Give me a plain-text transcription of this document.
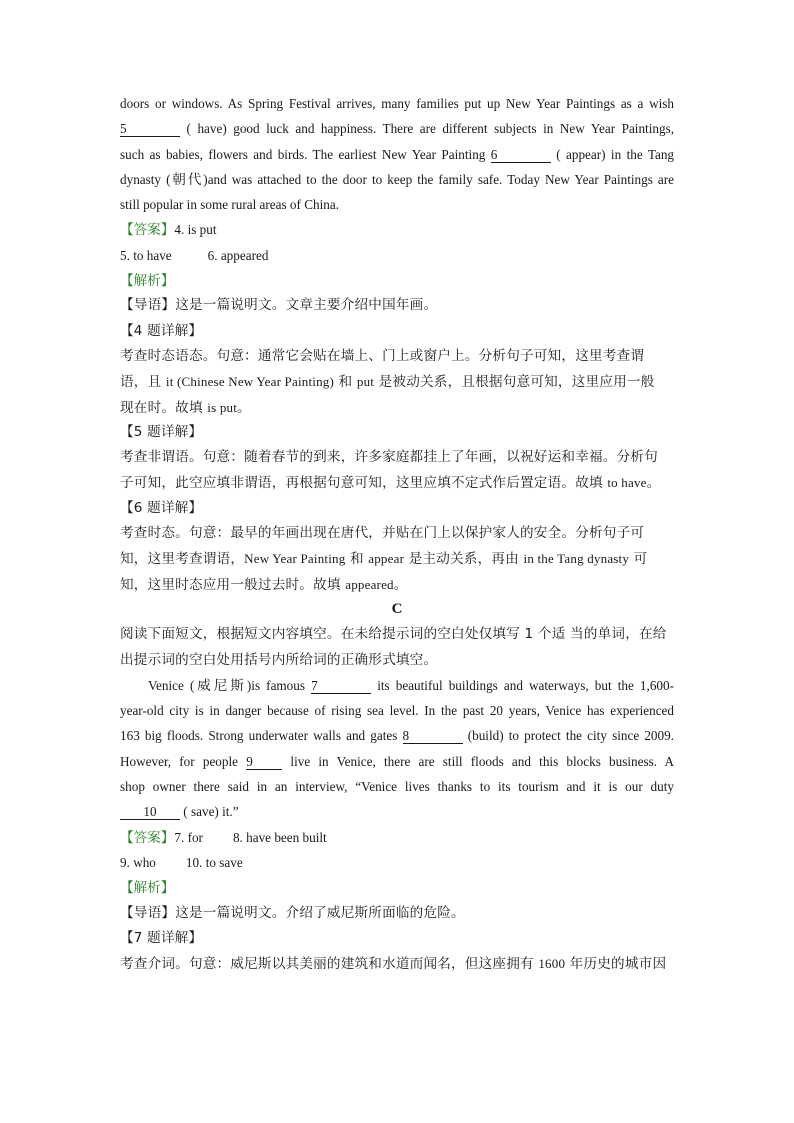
doors or windows. As Spring Festival arrives, many families put up New Year Paintings as a wish
5	( have) good luck and happiness. There are different subjects in New Year Paintings,
such as babies, flowers and birds. The earliest New Year Painting 6	( appear) in the Tang
dynasty (朝代)and was attached to the door to keep the family safe. Today New Year Paintings are
still popular in some rural areas of China.
【答案】4. is put
5. to have	6. appeared
【解析】
【导语】这是一篇说明文。文章主要介绍中国年画。
【4 题详解】
考查时态语态。句意：通常它会贴在墙上、门上或窗户上。分析句子可知，这里考查谓
语，且 it (Chinese New Year Painting) 和 put 是被动关系，且根据句意可知，这里应用一般
现在时。故填 is put。
【5 题详解】
考查非谓语。句意：随着春节的到来，许多家庭都挂上了年画，以祝好运和幸福。分析句
子可知，此空应填非谓语，再根据句意可知，这里应填不定式作后置定语。故填 to have。
【6 题详解】
考查时态。句意：最早的年画出现在唐代，并贴在门上以保护家人的安全。分析句子可
知，这里考查谓语，New Year Painting 和 appear 是主动关系，再由 in the Tang dynasty 可
知，这里时态应用一般过去时。故填 appeared。
C
阅读下面短文，根据短文内容填空。在未给提示词的空白处仅填写 1 个适 当的单词，在给
出提示词的空白处用括号内所给词的正确形式填空。
Venice (威尼斯)is famous 7	its beautiful buildings and waterways, but the 1,600-
year-old city is in danger because of rising sea level. In the past 20 years, Venice has experienced
163 big floods. Strong underwater walls and gates 8	(build) to protect the city since 2009.
However, for people 9	live in Venice, there are still floods and this blocks business. A
shop owner there said in an interview, “Venice lives thanks to its tourism and it is our duty
10 ( save) it.”
【答案】7. for 8. have been built
9. who 10. to save
【解析】
【导语】这是一篇说明文。介绍了威尼斯所面临的危险。
【7 题详解】
考查介词。句意：威尼斯以其美丽的建筑和水道而闻名，但这座拥有 1600 年历史的城市因
